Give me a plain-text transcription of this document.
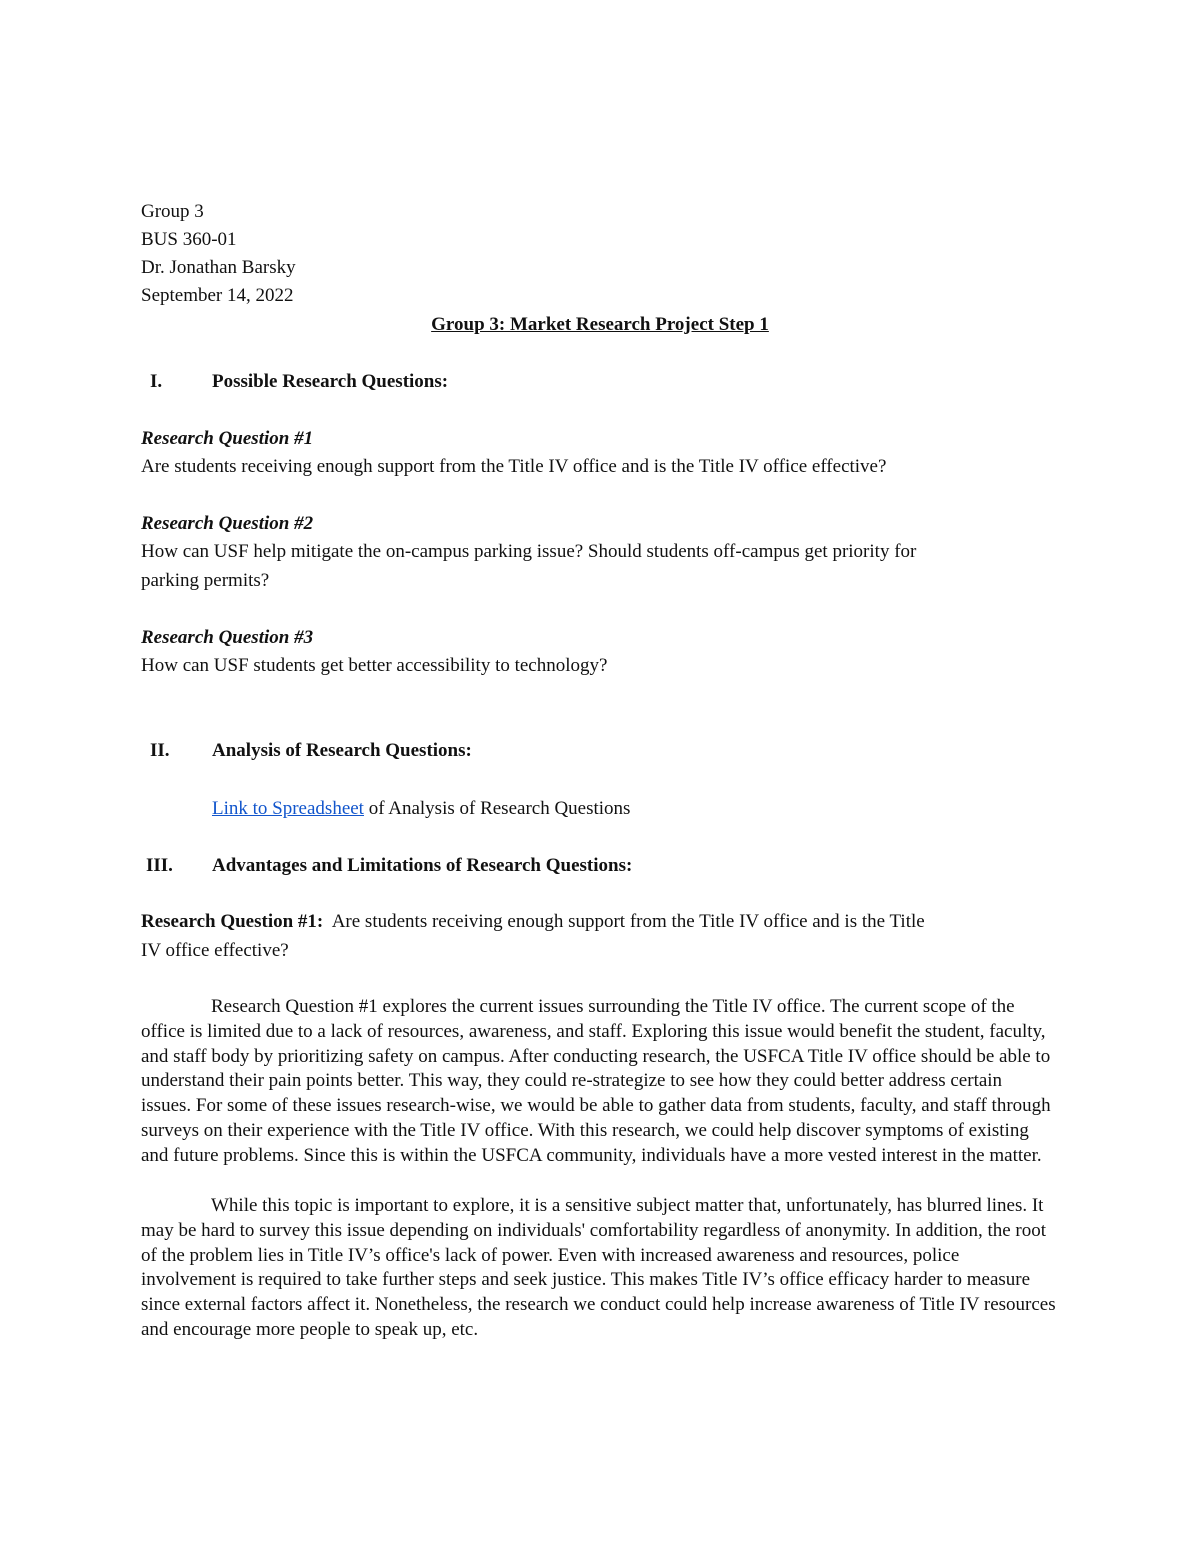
Group 3
BUS 360-01
Dr. Jonathan Barsky
September 14, 2022
Group 3: Market Research Project Step 1
I.	Possible Research Questions:
Research Question #1
Are students receiving enough support from the Title IV office and is the Title IV office effective?
Research Question #2
How can USF help mitigate the on-campus parking issue? Should students off-campus get priority for
parking permits?
Research Question #3
How can USF students get better accessibility to technology?
II.	Analysis of Research Questions:
Link to Spreadsheet of Analysis of Research Questions
III.	Advantages and Limitations of Research Questions:
Research Question #1:  Are students receiving enough support from the Title IV office and is the Title
IV office effective?
Research Question #1 explores the current issues surrounding the Title IV office. The current scope of the office is limited due to a lack of resources, awareness, and staff. Exploring this issue would benefit the student, faculty, and staff body by prioritizing safety on campus. After conducting research, the USFCA Title IV office should be able to understand their pain points better. This way, they could re-strategize to see how they could better address certain issues. For some of these issues research-wise, we would be able to gather data from students, faculty, and staff through surveys on their experience with the Title IV office. With this research, we could help discover symptoms of existing and future problems. Since this is within the USFCA community, individuals have a more vested interest in the matter.
While this topic is important to explore, it is a sensitive subject matter that, unfortunately, has blurred lines. It may be hard to survey this issue depending on individuals' comfortability regardless of anonymity. In addition, the root of the problem lies in Title IV’s office's lack of power. Even with increased awareness and resources, police involvement is required to take further steps and seek justice. This makes Title IV’s office efficacy harder to measure since external factors affect it. Nonetheless, the research we conduct could help increase awareness of Title IV resources and encourage more people to speak up, etc.
